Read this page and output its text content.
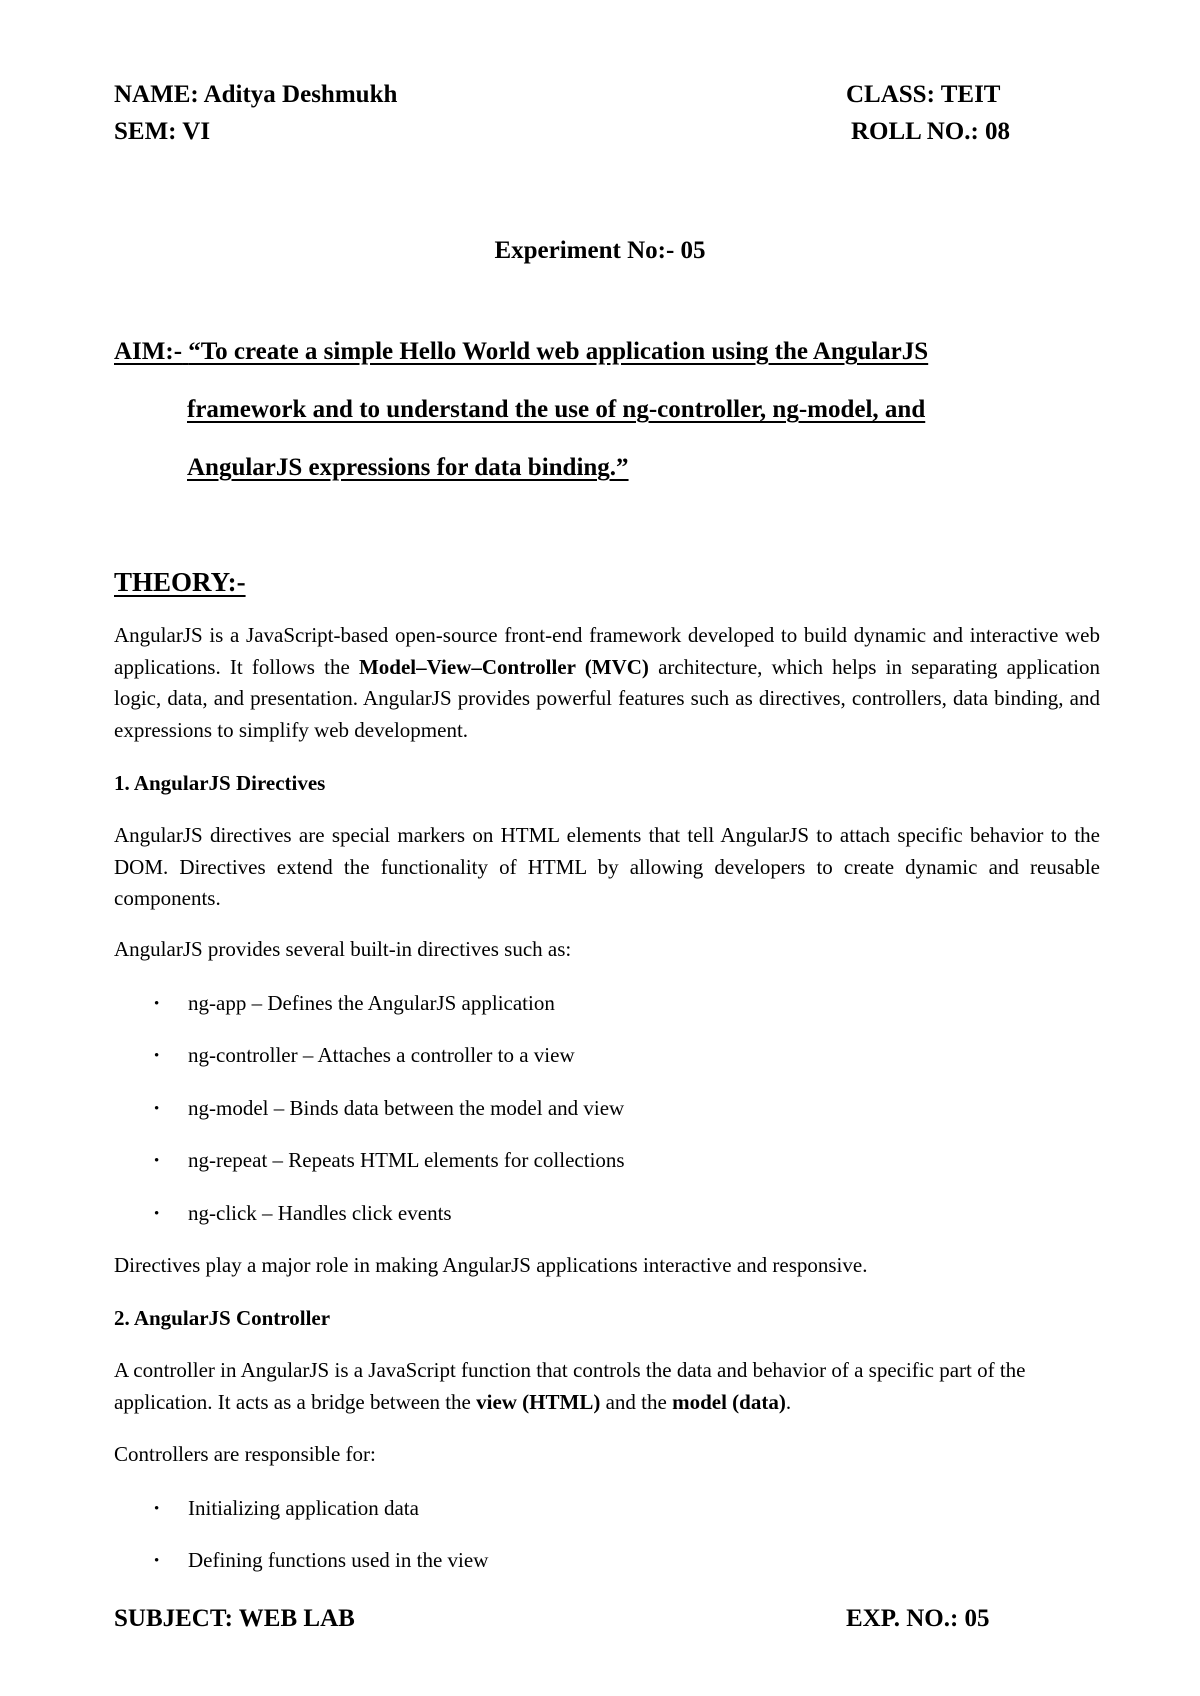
NAME: Aditya Deshmukh	CLASS: TEIT
SEM: VI	ROLL NO.: 08
Experiment No:- 05
AIM:- “To create a simple Hello World web application using the AngularJS
framework and to understand the use of ng-controller, ng-model, and
AngularJS expressions for data binding.”
THEORY:-
AngularJS is a JavaScript-based open-source front-end framework developed to build dynamic and interactive web applications. It follows the Model–View–Controller (MVC) architecture, which helps in separating application logic, data, and presentation. AngularJS provides powerful features such as directives, controllers, data binding, and expressions to simplify web development.
1. AngularJS Directives
AngularJS directives are special markers on HTML elements that tell AngularJS to attach specific behavior to the DOM. Directives extend the functionality of HTML by allowing developers to create dynamic and reusable components.
AngularJS provides several built-in directives such as:
• ng-app – Defines the AngularJS application
• ng-controller – Attaches a controller to a view
• ng-model – Binds data between the model and view
• ng-repeat – Repeats HTML elements for collections
• ng-click – Handles click events
Directives play a major role in making AngularJS applications interactive and responsive.
2. AngularJS Controller
A controller in AngularJS is a JavaScript function that controls the data and behavior of a specific part of the application. It acts as a bridge between the view (HTML) and the model (data).
Controllers are responsible for:
• Initializing application data
• Defining functions used in the view
SUBJECT: WEB LAB	EXP. NO.: 05
